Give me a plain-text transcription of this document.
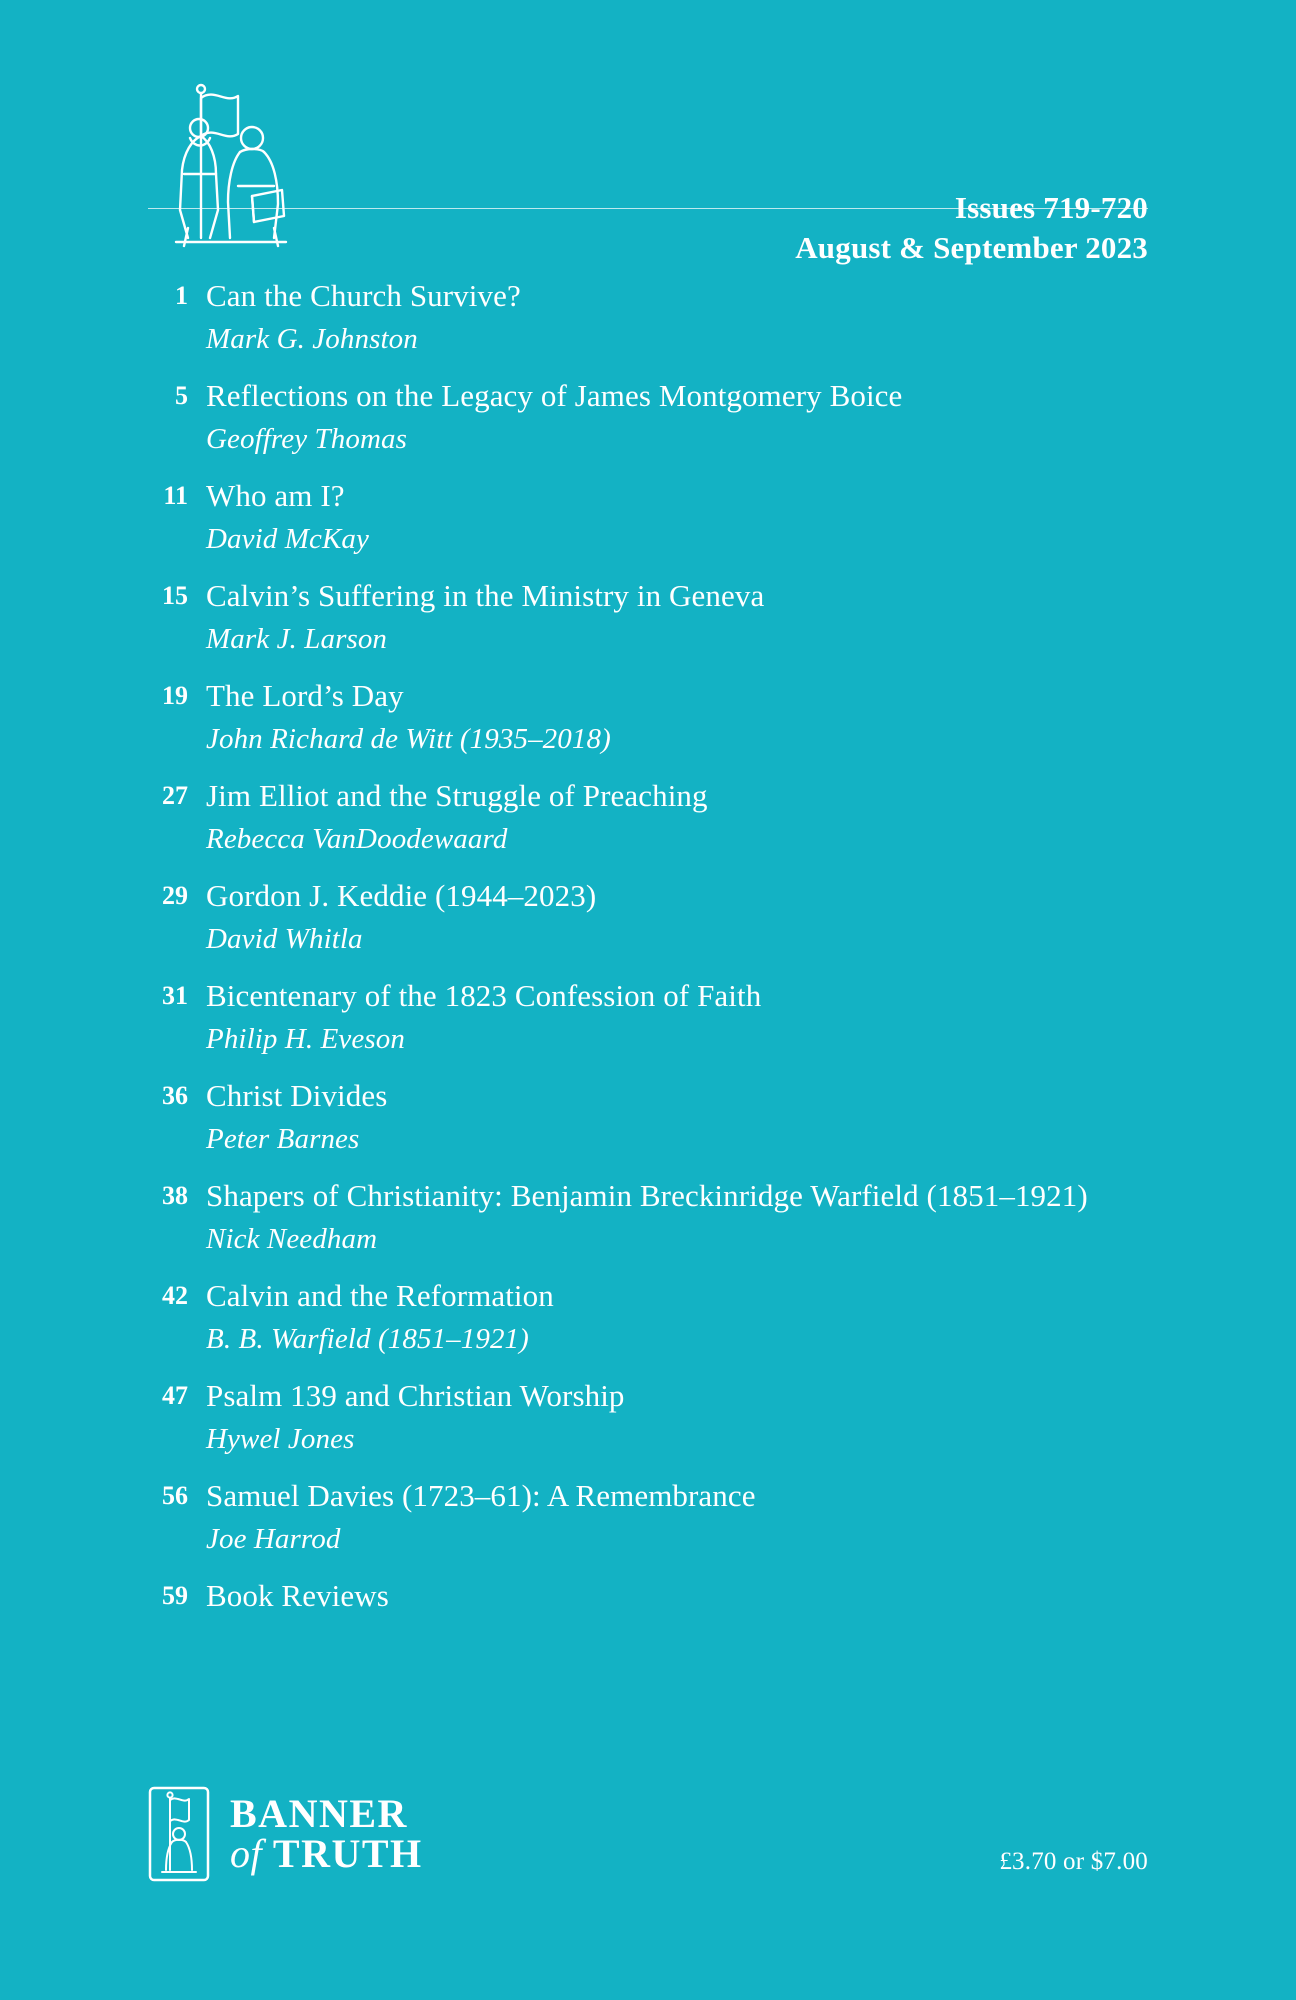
Issues 719-720
August & September 2023
1 Can the Church Survive?
Mark G. Johnston
5 Reflections on the Legacy of James Montgomery Boice
Geoffrey Thomas
11 Who am I?
David McKay
15 Calvin’s Suffering in the Ministry in Geneva
Mark J. Larson
19 The Lord’s Day
John Richard de Witt (1935–2018)
27 Jim Elliot and the Struggle of Preaching
Rebecca VanDoodewaard
29 Gordon J. Keddie (1944–2023)
David Whitla
31 Bicentenary of the 1823 Confession of Faith
Philip H. Eveson
36 Christ Divides
Peter Barnes
38 Shapers of Christianity: Benjamin Breckinridge Warfield (1851–1921)
Nick Needham
42 Calvin and the Reformation
B. B. Warfield (1851–1921)
47 Psalm 139 and Christian Worship
Hywel Jones
56 Samuel Davies (1723–61): A Remembrance
Joe Harrod
59 Book Reviews
BANNER
of TRUTH	£3.70 or $7.00
